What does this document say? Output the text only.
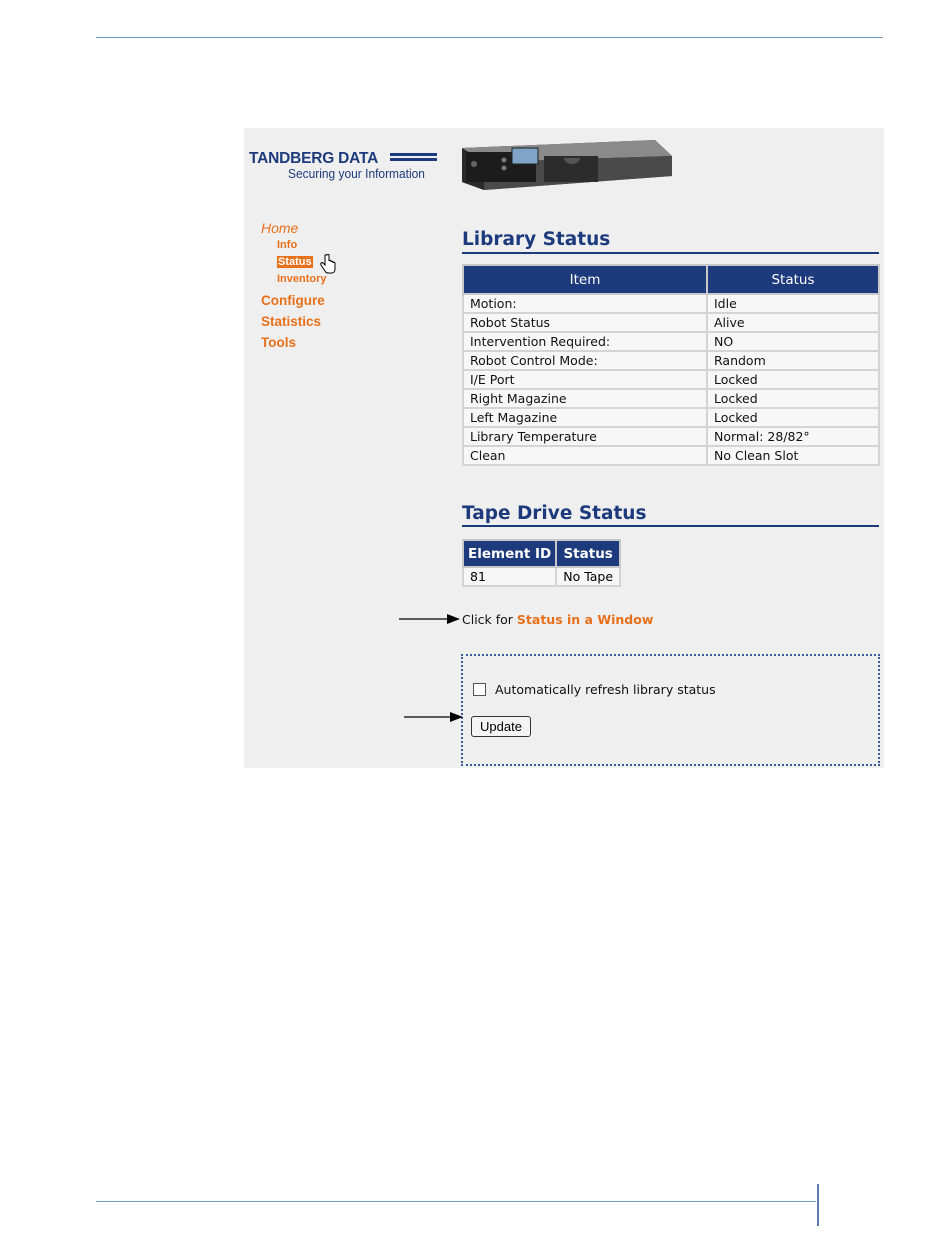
TANDBERG DATA
Securing your Information
Home
Info
Status
Inventory
Configure
Statistics
Tools
Library Status
Item	Status
Motion:	Idle
Robot Status	Alive
Intervention Required:	NO
Robot Control Mode:	Random
I/E Port	Locked
Right Magazine	Locked
Left Magazine	Locked
Library Temperature	Normal: 28/82°
Clean	No Clean Slot
Tape Drive Status
Element ID	Status
81	No Tape
Click for Status in a Window
Automatically refresh library status
Update
